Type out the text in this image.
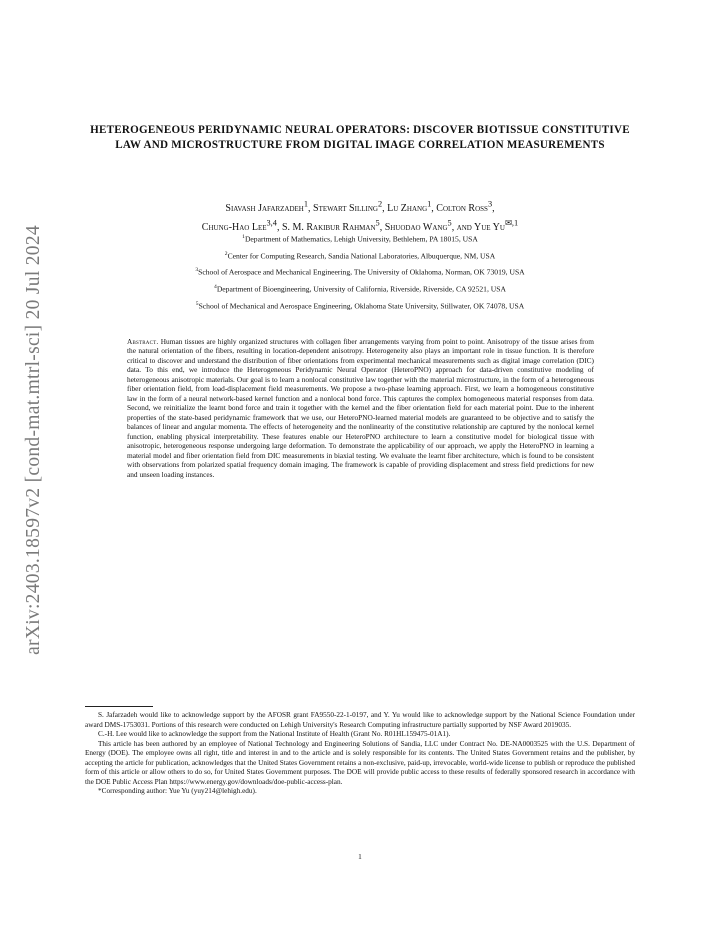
arXiv:2403.18597v2 [cond-mat.mtrl-sci] 20 Jul 2024
HETEROGENEOUS PERIDYNAMIC NEURAL OPERATORS: DISCOVER BIOTISSUE CONSTITUTIVE LAW AND MICROSTRUCTURE FROM DIGITAL IMAGE CORRELATION MEASUREMENTS
Siavash Jafarzadeh$^1$, Stewart Silling$^2$, Lu Zhang$^1$, Colton Ross$^3$,
Chung-Hao Lee$^{3,4}$, S. M. Rakibur Rahman$^5$, Shuodao Wang$^5$, and Yue $Yu^{✉,1}$
$^1$Department of Mathematics, Lehigh University, Bethlehem, PA 18015, USA
$^2$Center for Computing Research, Sandia National Laboratories, Albuquerque, NM, USA
$^3$School of Aerospace and Mechanical Engineering, The University of Oklahoma, Norman, OK 73019, USA
$^4$Department of Bioengineering, University of California, Riverside, Riverside, CA 92521, USA
$^5$School of Mechanical and Aerospace Engineering, Oklahoma State University, Stillwater, OK 74078, USA
Abstract. Human tissues are highly organized structures with collagen fiber arrangements varying from point to point. Anisotropy of the tissue arises from the natural orientation of the fibers, resulting in location-dependent anisotropy. Heterogeneity also plays an important role in tissue function. It is therefore critical to discover and understand the distribution of fiber orientations from experimental mechanical measurements such as digital image correlation (DIC) data. To this end, we introduce the Heterogeneous Peridynamic Neural Operator (HeteroPNO) approach for data-driven constitutive modeling of heterogeneous anisotropic materials. Our goal is to learn a nonlocal constitutive law together with the material microstructure, in the form of a heterogeneous fiber orientation field, from load-displacement field measurements. We propose a two-phase learning approach. First, we learn a homogeneous constitutive law in the form of a neural network-based kernel function and a nonlocal bond force. This captures the complex homogeneous material responses from data. Second, we reinitialize the learnt bond force and train it together with the kernel and the fiber orientation field for each material point. Due to the inherent properties of the state-based peridynamic framework that we use, our HeteroPNO-learned material models are guaranteed to be objective and to satisfy the balances of linear and angular momenta. The effects of heterogeneity and the nonlinearity of the constitutive relationship are captured by the nonlocal kernel function, enabling physical interpretability. These features enable our HeteroPNO architecture to learn a constitutive model for biological tissue with anisotropic, heterogeneous response undergoing large deformation. To demonstrate the applicability of our approach, we apply the HeteroPNO in learning a material model and fiber orientation field from DIC measurements in biaxial testing. We evaluate the learnt fiber architecture, which is found to be consistent with observations from polarized spatial frequency domain imaging. The framework is capable of providing displacement and stress field predictions for new and unseen loading instances.

S. Jafarzadeh would like to acknowledge support by the AFOSR grant FA9550-22-1-0197, and Y. Yu would like to acknowledge support by the National Science Foundation under award DMS-1753031. Portions of this research were conducted on Lehigh University's Research Computing infrastructure partially supported by NSF Award 2019035.

C.-H. Lee would like to acknowledge the support from the National Institute of Health (Grant No. R01HL159475-01A1).

This article has been authored by an employee of National Technology and Engineering Solutions of Sandia, LLC under Contract No. DE-NA0003525 with the U.S. Department of Energy (DOE). The employee owns all right, title and interest in and to the article and is solely responsible for its contents. The United States Government retains and the publisher, by accepting the article for publication, acknowledges that the United States Government retains a non-exclusive, paid-up, irrevocable, world-wide license to publish or reproduce the published form of this article or allow others to do so, for United States Government purposes. The DOE will provide public access to these results of federally sponsored research in accordance with the DOE Public Access Plan https://www.energy.gov/downloads/doe-public-access-plan.

*Corresponding author: Yue Yu (yuy214@lehigh.edu).

1
